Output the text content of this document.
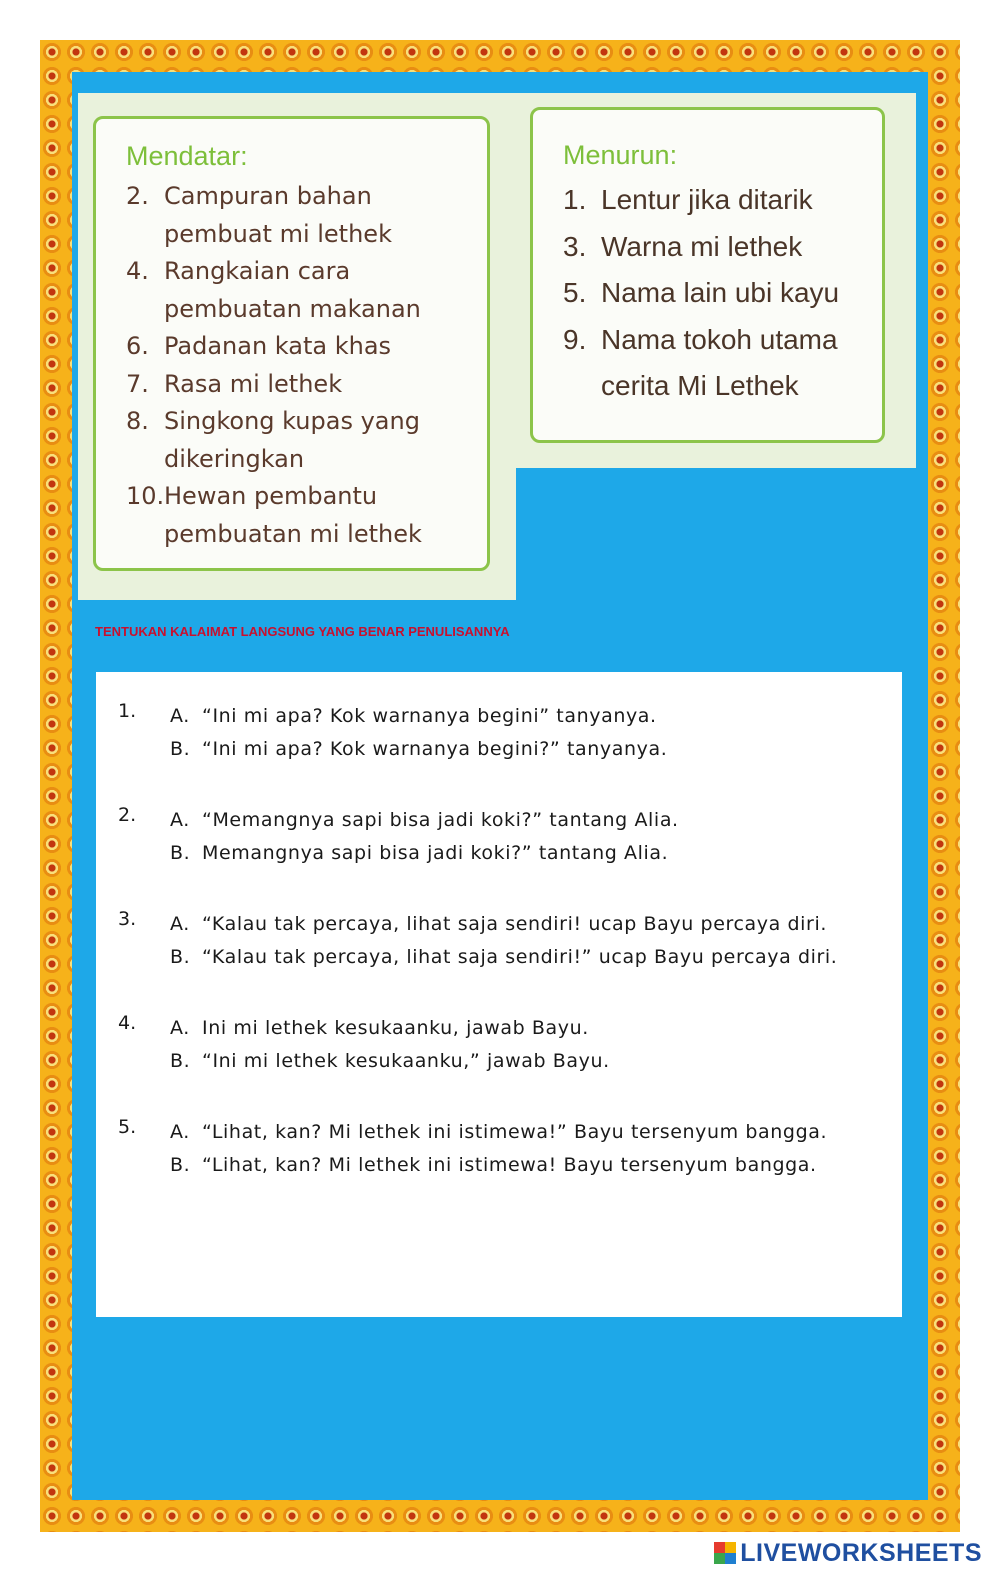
Mendatar:
2. Campuran bahan pembuat mi lethek
4. Rangkaian cara pembuatan makanan
6. Padanan kata khas
7. Rasa mi lethek
8. Singkong kupas yang dikeringkan
10. Hewan pembantu pembuatan mi lethek
Menurun:
1. Lentur jika ditarik
3. Warna mi lethek
5. Nama lain ubi kayu
9. Nama tokoh utama cerita Mi Lethek
TENTUKAN KALAIMAT LANGSUNG YANG BENAR PENULISANNYA
1. A. “Ini mi apa? Kok warnanya begini” tanyanya.
B. “Ini mi apa? Kok warnanya begini?” tanyanya.
2. A. “Memangnya sapi bisa jadi koki?” tantang Alia.
B. Memangnya sapi bisa jadi koki?” tantang Alia.
3. A. “Kalau tak percaya, lihat saja sendiri! ucap Bayu percaya diri.
B. “Kalau tak percaya, lihat saja sendiri!” ucap Bayu percaya diri.
4. A. Ini mi lethek kesukaanku, jawab Bayu.
B. “Ini mi lethek kesukaanku,” jawab Bayu.
5. A. “Lihat, kan? Mi lethek ini istimewa!” Bayu tersenyum bangga.
B. “Lihat, kan? Mi lethek ini istimewa! Bayu tersenyum bangga.
LIVEWORKSHEETS
